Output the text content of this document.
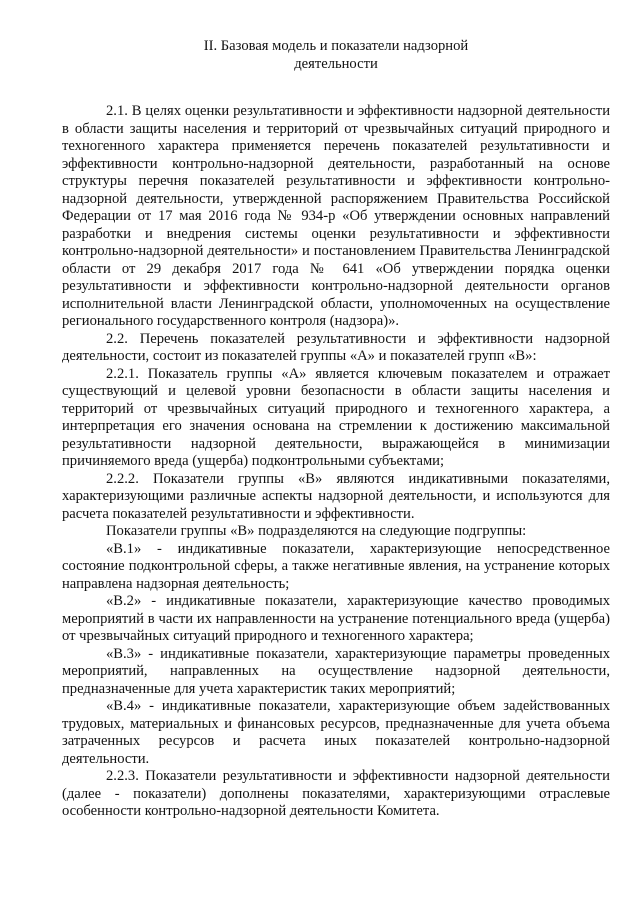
II. Базовая модель и показатели надзорной
деятельности

2.1. В целях оценки результативности и эффективности надзорной деятельности в области защиты населения и территорий от чрезвычайных ситуаций природного и техногенного характера применяется перечень показателей результативности и эффективности контрольно-надзорной деятельности, разработанный на основе структуры перечня показателей результативности и эффективности контрольно-надзорной деятельности, утвержденной распоряжением Правительства Российской Федерации от 17 мая 2016 года № 934-р «Об утверждении основных направлений разработки и внедрения системы оценки результативности и эффективности контрольно-надзорной деятельности» и постановлением Правительства Ленинградской области от 29 декабря 2017 года № 641 «Об утверждении порядка оценки результативности и эффективности контрольно-надзорной деятельности органов исполнительной власти Ленинградской области, уполномоченных на осуществление регионального государственного контроля (надзора)».

2.2. Перечень показателей результативности и эффективности надзорной деятельности, состоит из показателей группы «А» и показателей групп «В»:

2.2.1. Показатель группы «А» является ключевым показателем и отражает существующий и целевой уровни безопасности в области защиты населения и территорий от чрезвычайных ситуаций природного и техногенного характера, а интерпретация его значения основана на стремлении к достижению максимальной результативности надзорной деятельности, выражающейся в минимизации причиняемого вреда (ущерба) подконтрольными субъектами;

2.2.2. Показатели группы «В» являются индикативными показателями, характеризующими различные аспекты надзорной деятельности, и используются для расчета показателей результативности и эффективности.

Показатели группы «В» подразделяются на следующие подгруппы:

«В.1» - индикативные показатели, характеризующие непосредственное состояние подконтрольной сферы, а также негативные явления, на устранение которых направлена надзорная деятельность;

«В.2» - индикативные показатели, характеризующие качество проводимых мероприятий в части их направленности на устранение потенциального вреда (ущерба) от чрезвычайных ситуаций природного и техногенного характера;

«В.3» - индикативные показатели, характеризующие параметры проведенных мероприятий, направленных на осуществление надзорной деятельности, предназначенные для учета характеристик таких мероприятий;

«В.4» - индикативные показатели, характеризующие объем задействованных трудовых, материальных и финансовых ресурсов, предназначенные для учета объема затраченных ресурсов и расчета иных показателей контрольно-надзорной деятельности.

2.2.3. Показатели результативности и эффективности надзорной деятельности (далее - показатели) дополнены показателями, характеризующими отраслевые особенности контрольно-надзорной деятельности Комитета.
